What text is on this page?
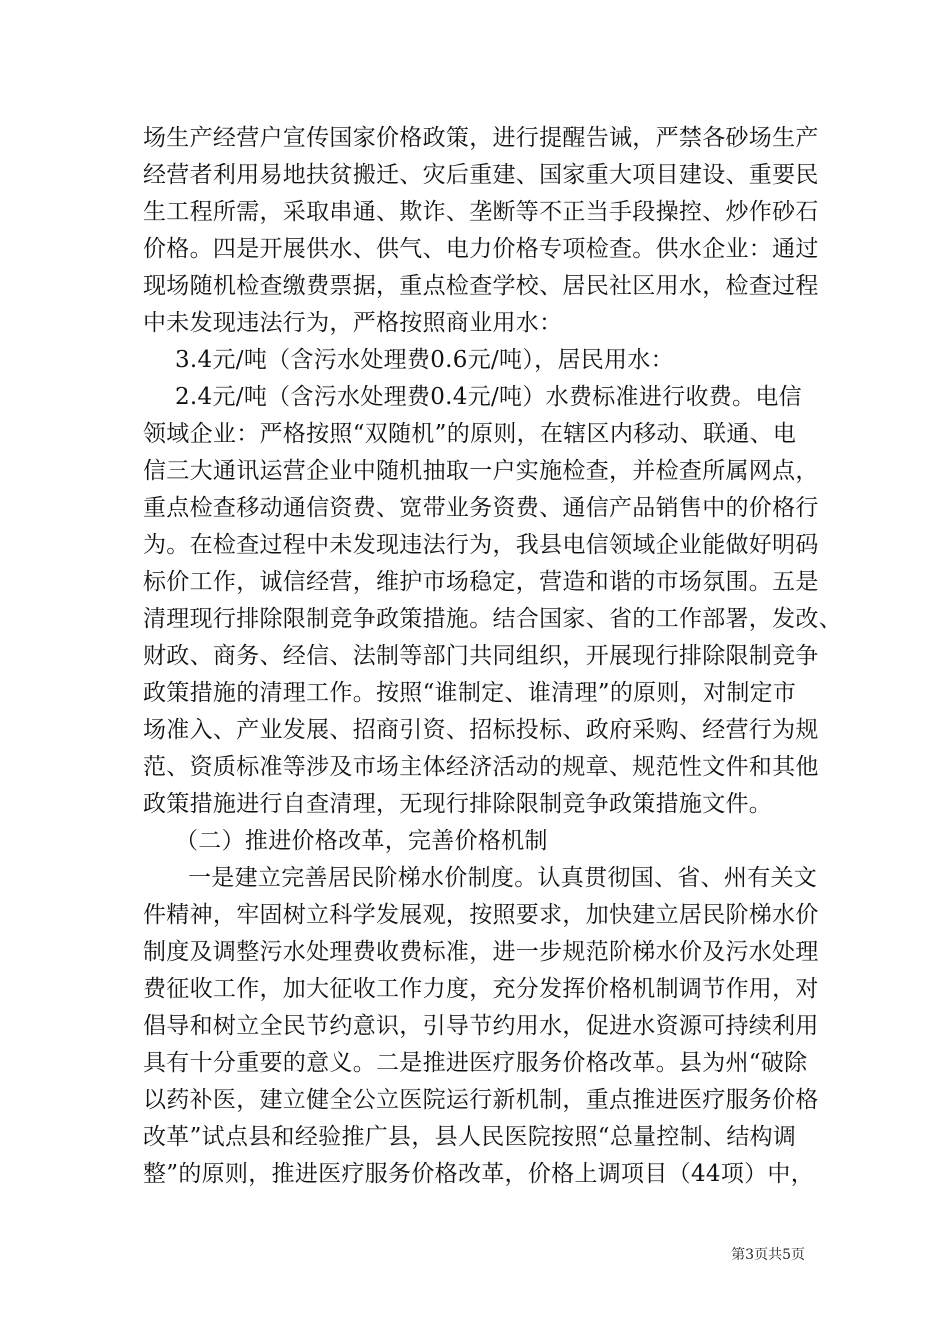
场生产经营户宣传国家价格政策，进行提醒告诫，严禁各砂场生产
经营者利用易地扶贫搬迁、灾后重建、国家重大项目建设、重要民
生工程所需，采取串通、欺诈、垄断等不正当手段操控、炒作砂石
价格。四是开展供水、供气、电力价格专项检查。供水企业：通过
现场随机检查缴费票据，重点检查学校、居民社区用水，检查过程
中未发现违法行为，严格按照商业用水：
3.4元/吨（含污水处理费0.6元/吨），居民用水：
2.4元/吨（含污水处理费0.4元/吨）水费标准进行收费。电信
领域企业：严格按照“双随机”的原则，在辖区内移动、联通、电
信三大通讯运营企业中随机抽取一户实施检查，并检查所属网点，
重点检查移动通信资费、宽带业务资费、通信产品销售中的价格行
为。在检查过程中未发现违法行为，我县电信领域企业能做好明码
标价工作，诚信经营，维护市场稳定，营造和谐的市场氛围。五是
清理现行排除限制竞争政策措施。结合国家、省的工作部署，发改、
财政、商务、经信、法制等部门共同组织，开展现行排除限制竞争
政策措施的清理工作。按照“谁制定、谁清理”的原则，对制定市
场准入、产业发展、招商引资、招标投标、政府采购、经营行为规
范、资质标准等涉及市场主体经济活动的规章、规范性文件和其他
政策措施进行自查清理，无现行排除限制竞争政策措施文件。
（二）推进价格改革，完善价格机制
一是建立完善居民阶梯水价制度。认真贯彻国、省、州有关文
件精神，牢固树立科学发展观，按照要求，加快建立居民阶梯水价
制度及调整污水处理费收费标准，进一步规范阶梯水价及污水处理
费征收工作，加大征收工作力度，充分发挥价格机制调节作用，对
倡导和树立全民节约意识，引导节约用水，促进水资源可持续利用
具有十分重要的意义。二是推进医疗服务价格改革。县为州“破除
以药补医，建立健全公立医院运行新机制，重点推进医疗服务价格
改革”试点县和经验推广县，县人民医院按照“总量控制、结构调
整”的原则，推进医疗服务价格改革，价格上调项目（44项）中，
第3页共5页
